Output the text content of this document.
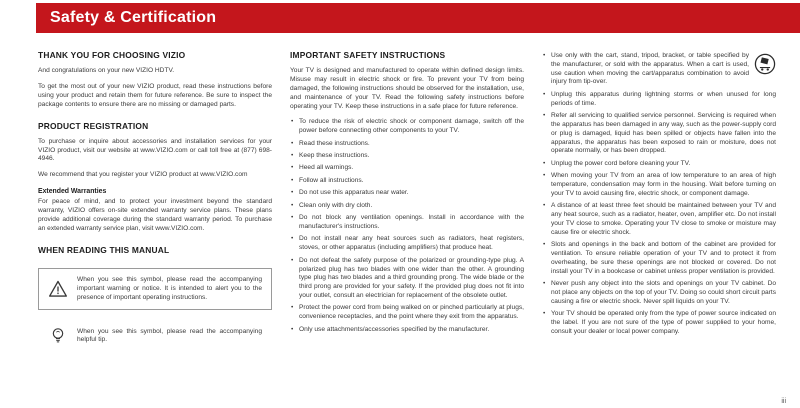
Safety & Certification
THANK YOU FOR CHOOSING VIZIO

And congratulations on your new VIZIO HDTV.

To get the most out of your new VIZIO product, read these instructions before using your product and retain them for future reference. Be sure to inspect the package contents to ensure there are no missing or damaged parts.

PRODUCT REGISTRATION

To purchase or inquire about accessories and installation services for your VIZIO product, visit our website at www.VIZIO.com or call toll free at (877) 698-4946.

We recommend that you register your VIZIO product at www.VIZIO.com

Extended Warranties

For peace of mind, and to protect your investment beyond the standard warranty, VIZIO offers on-site extended warranty service plans. These plans provide additional coverage during the standard warranty period. To purchase an extended warranty service plan, visit www.VIZIO.com.

WHEN READING THIS MANUAL
When you see this symbol, please read the accompanying important warning or notice. It is intended to alert you to the presence of important operating instructions.
When you see this symbol, please read the accompanying helpful tip.
IMPORTANT SAFETY INSTRUCTIONS

Your TV is designed and manufactured to operate within defined design limits. Misuse may result in electric shock or fire. To prevent your TV from being damaged, the following instructions should be observed for the installation, use, and maintenance of your TV. Read the following safety instructions before operating your TV. Keep these instructions in a safe place for future reference.

• To reduce the risk of electric shock or component damage, switch off the power before connecting other components to your TV.
• Read these instructions.
• Keep these instructions.
• Heed all warnings.
• Follow all instructions.
• Do not use this apparatus near water.
• Clean only with dry cloth.
• Do not block any ventilation openings. Install in accordance with the manufacturer's instructions.
• Do not install near any heat sources such as radiators, heat registers, stoves, or other apparatus (including amplifiers) that produce heat.
• Do not defeat the safety purpose of the polarized or grounding-type plug. A polarized plug has two blades with one wider than the other. A grounding type plug has two blades and a third grounding prong. The wide blade or the third prong are provided for your safety. If the provided plug does not fit into your outlet, consult an electrician for replacement of the obsolete outlet.
• Protect the power cord from being walked on or pinched particularly at plugs, convenience receptacles, and the point where they exit from the apparatus.
• Only use attachments/accessories specified by the manufacturer.
• Use only with the cart, stand, tripod, bracket, or table specified by the manufacturer, or sold with the apparatus. When a cart is used, use caution when moving the cart/apparatus combination to avoid injury from tip-over.
• Unplug this apparatus during lightning storms or when unused for long periods of time.
• Refer all servicing to qualified service personnel. Servicing is required when the apparatus has been damaged in any way, such as the power-supply cord or plug is damaged, liquid has been spilled or objects have fallen into the apparatus, the apparatus has been exposed to rain or moisture, does not operate normally, or has been dropped.
• Unplug the power cord before cleaning your TV.
• When moving your TV from an area of low temperature to an area of high temperature, condensation may form in the housing. Wait before turning on your TV to avoid causing fire, electric shock, or component damage.
• A distance of at least three feet should be maintained between your TV and any heat source, such as a radiator, heater, oven, amplifier etc. Do not install your TV close to smoke. Operating your TV close to smoke or moisture may cause fire or electric shock.
• Slots and openings in the back and bottom of the cabinet are provided for ventilation. To ensure reliable operation of your TV and to protect it from overheating, be sure these openings are not blocked or covered. Do not install your TV in a bookcase or cabinet unless proper ventilation is provided.
• Never push any object into the slots and openings on your TV cabinet. Do not place any objects on the top of your TV. Doing so could short circuit parts causing a fire or electric shock. Never spill liquids on your TV.
• Your TV should be operated only from the type of power source indicated on the label. If you are not sure of the type of power supplied to your home, consult your dealer or local power company.
iii
